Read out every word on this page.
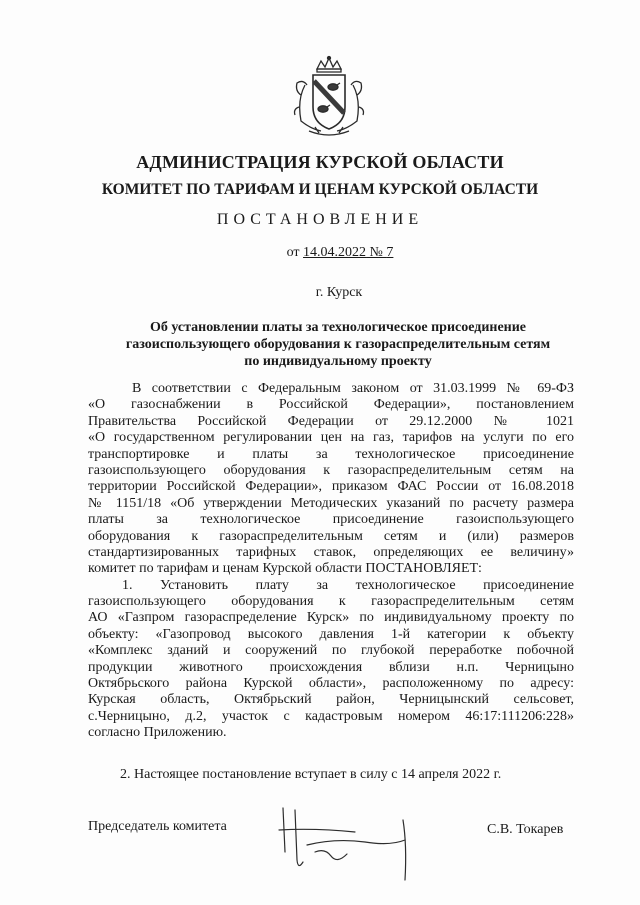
АДМИНИСТРАЦИЯ КУРСКОЙ ОБЛАСТИ
КОМИТЕТ ПО ТАРИФАМ И ЦЕНАМ КУРСКОЙ ОБЛАСТИ
ПОСТАНОВЛЕНИЕ
от 14.04.2022 № 7
г. Курск
Об установлении платы за технологическое присоединение
газоиспользующего оборудования к газораспределительным сетям
по индивидуальному проекту
В соответствии с Федеральным законом от 31.03.1999 № 69-ФЗ
«О газоснабжении в Российской Федерации», постановлением
Правительства Российской Федерации от 29.12.2000 № 1021
«О государственном регулировании цен на газ, тарифов на услуги по его
транспортировке и платы за технологическое присоединение
газоиспользующего оборудования к газораспределительным сетям на
территории Российской Федерации», приказом ФАС России от 16.08.2018
№ 1151/18 «Об утверждении Методических указаний по расчету размера
платы за технологическое присоединение газоиспользующего
оборудования к газораспределительным сетям и (или) размеров
стандартизированных тарифных ставок, определяющих ее величину»
комитет по тарифам и ценам Курской области ПОСТАНОВЛЯЕТ:
1. Установить плату за технологическое присоединение
газоиспользующего оборудования к газораспределительным сетям
АО «Газпром газораспределение Курск» по индивидуальному проекту по
объекту: «Газопровод высокого давления 1-й категории к объекту
«Комплекс зданий и сооружений по глубокой переработке побочной
продукции животного происхождения вблизи н.п. Черницыно
Октябрьского района Курской области», расположенному по адресу:
Курская область, Октябрьский район, Черницынский сельсовет,
с.Черницыно, д.2, участок с кадастровым номером 46:17:111206:228»
согласно Приложению.
2. Настоящее постановление вступает в силу с 14 апреля 2022 г.
Председатель комитета	С.В. Токарев
